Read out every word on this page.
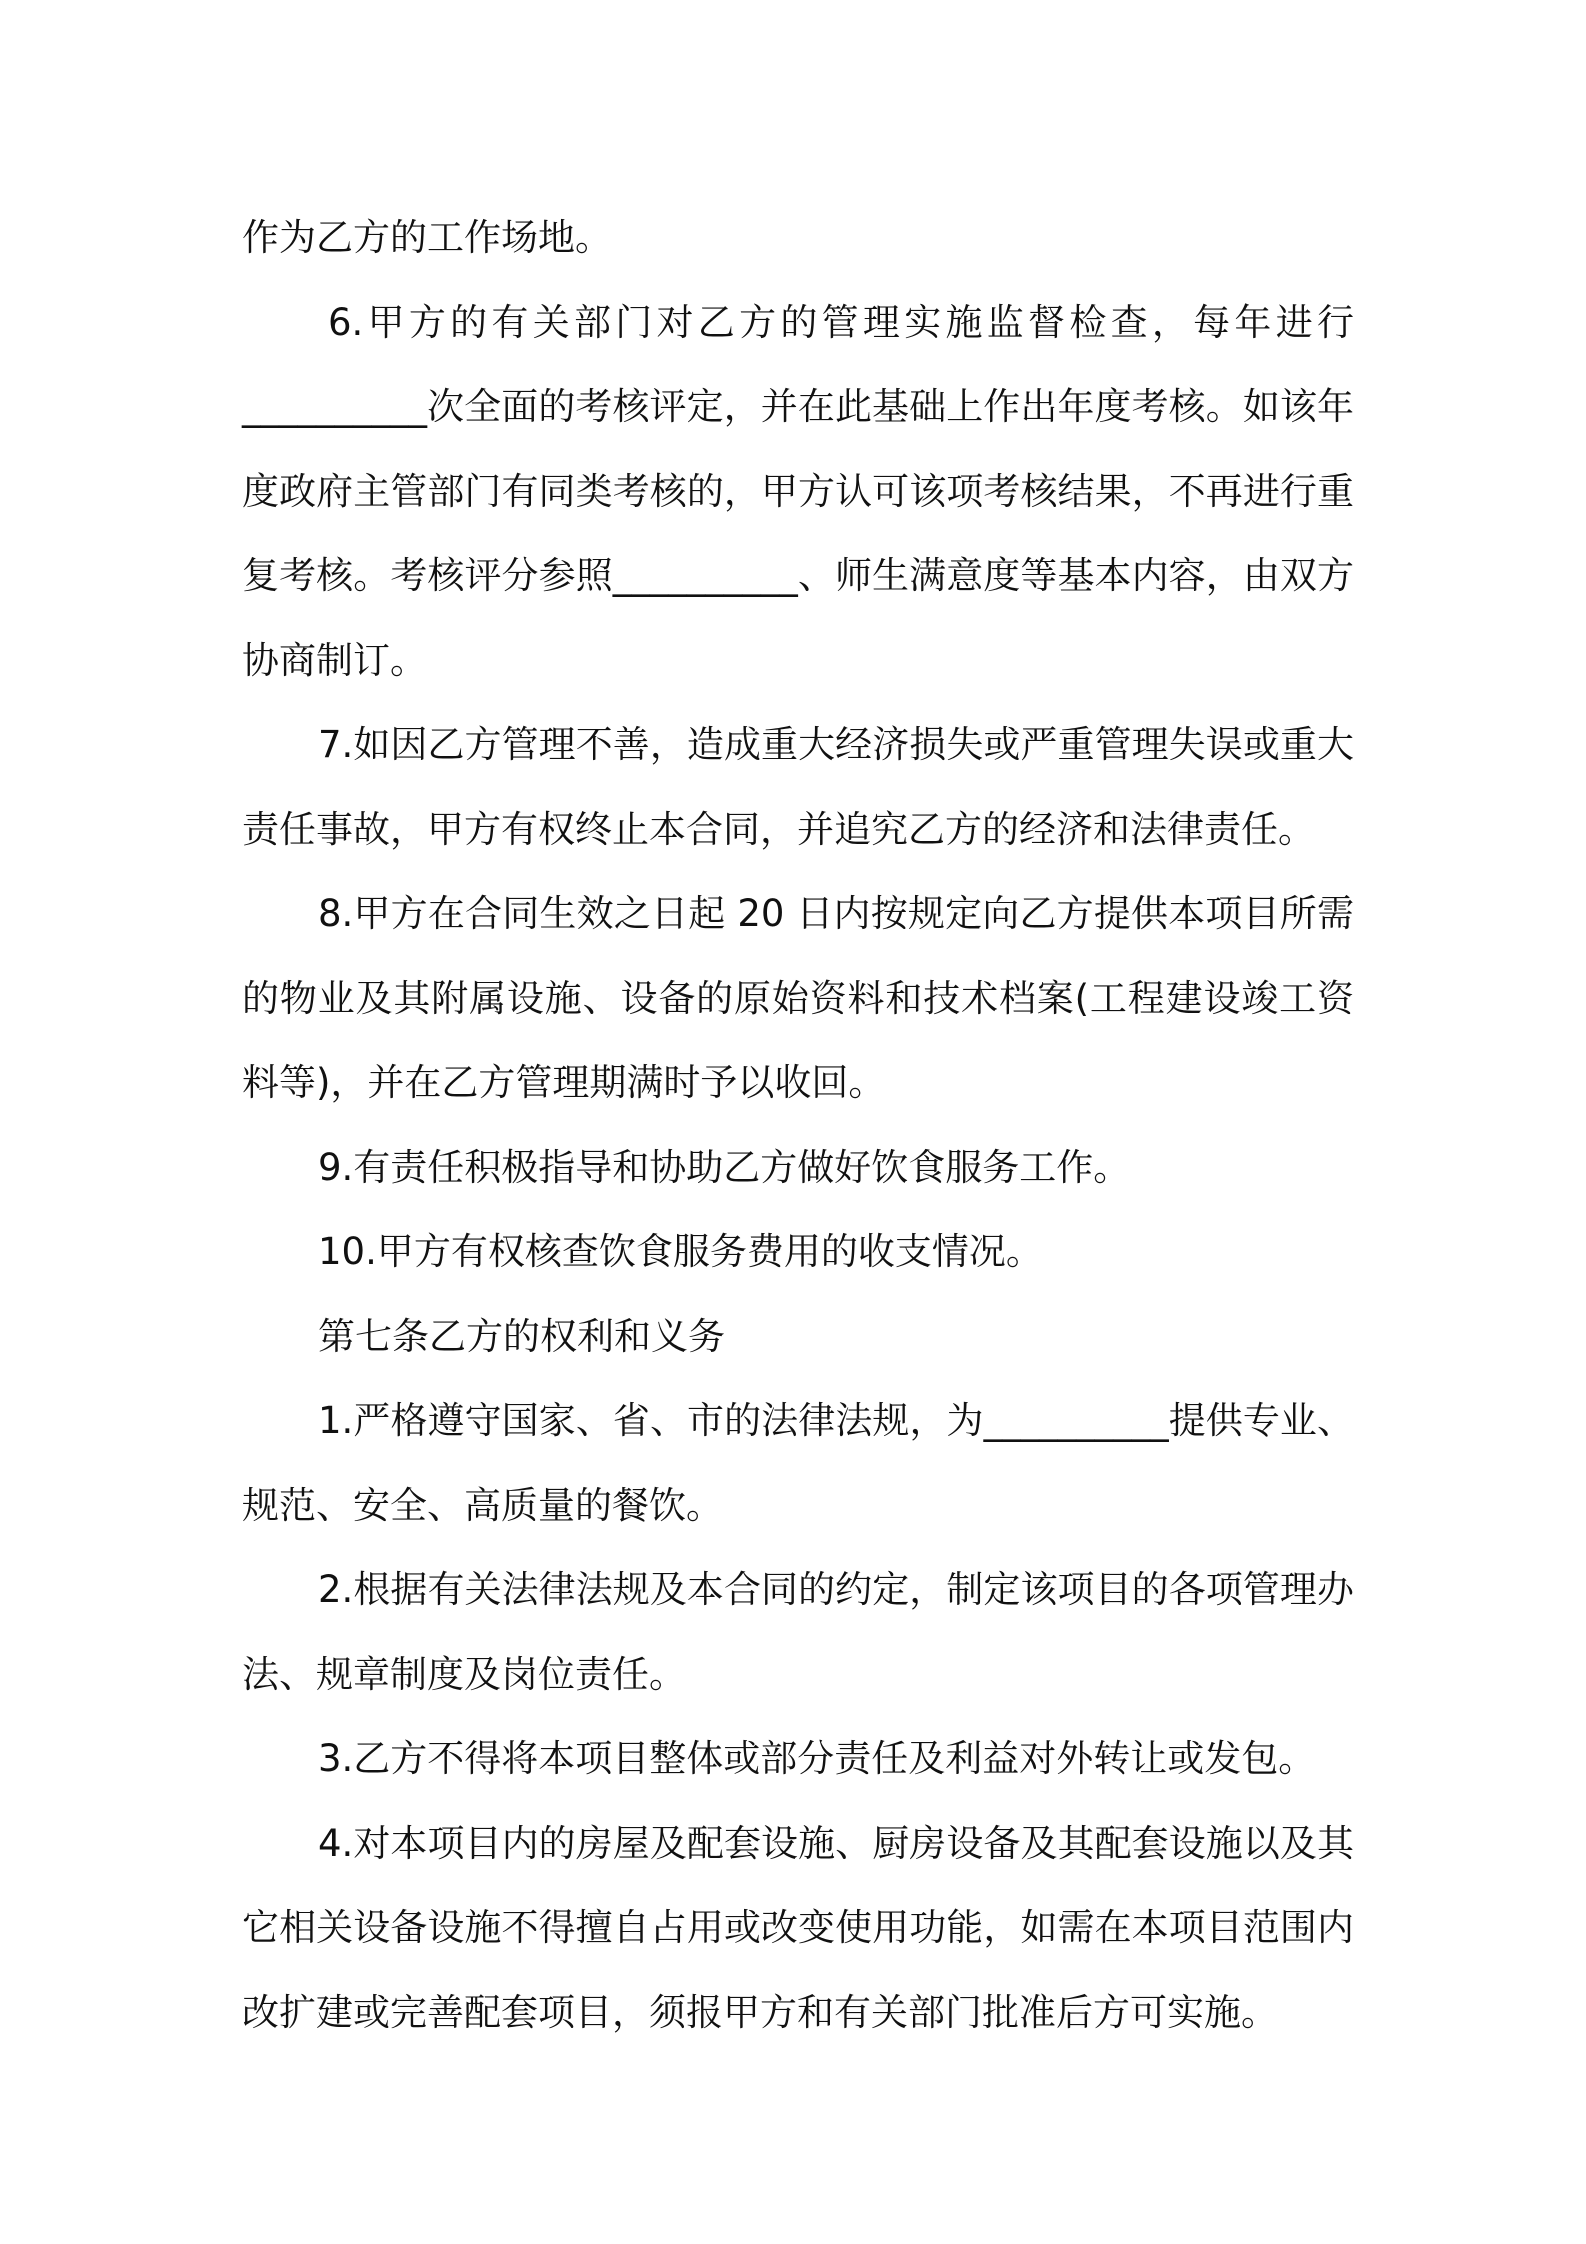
作为乙方的工作场地。

6.甲方的有关部门对乙方的管理实施监督检查，每年进行__________次全面的考核评定，并在此基础上作出年度考核。如该年度政府主管部门有同类考核的，甲方认可该项考核结果，不再进行重复考核。考核评分参照__________、师生满意度等基本内容，由双方协商制订。

7.如因乙方管理不善，造成重大经济损失或严重管理失误或重大责任事故，甲方有权终止本合同，并追究乙方的经济和法律责任。

8.甲方在合同生效之日起 20 日内按规定向乙方提供本项目所需的物业及其附属设施、设备的原始资料和技术档案(工程建设竣工资料等)，并在乙方管理期满时予以收回。

9.有责任积极指导和协助乙方做好饮食服务工作。

10.甲方有权核查饮食服务费用的收支情况。

第七条乙方的权利和义务

1.严格遵守国家、省、市的法律法规，为__________提供专业、规范、安全、高质量的餐饮。

2.根据有关法律法规及本合同的约定，制定该项目的各项管理办法、规章制度及岗位责任。

3.乙方不得将本项目整体或部分责任及利益对外转让或发包。

4.对本项目内的房屋及配套设施、厨房设备及其配套设施以及其它相关设备设施不得擅自占用或改变使用功能，如需在本项目范围内改扩建或完善配套项目，须报甲方和有关部门批准后方可实施。
